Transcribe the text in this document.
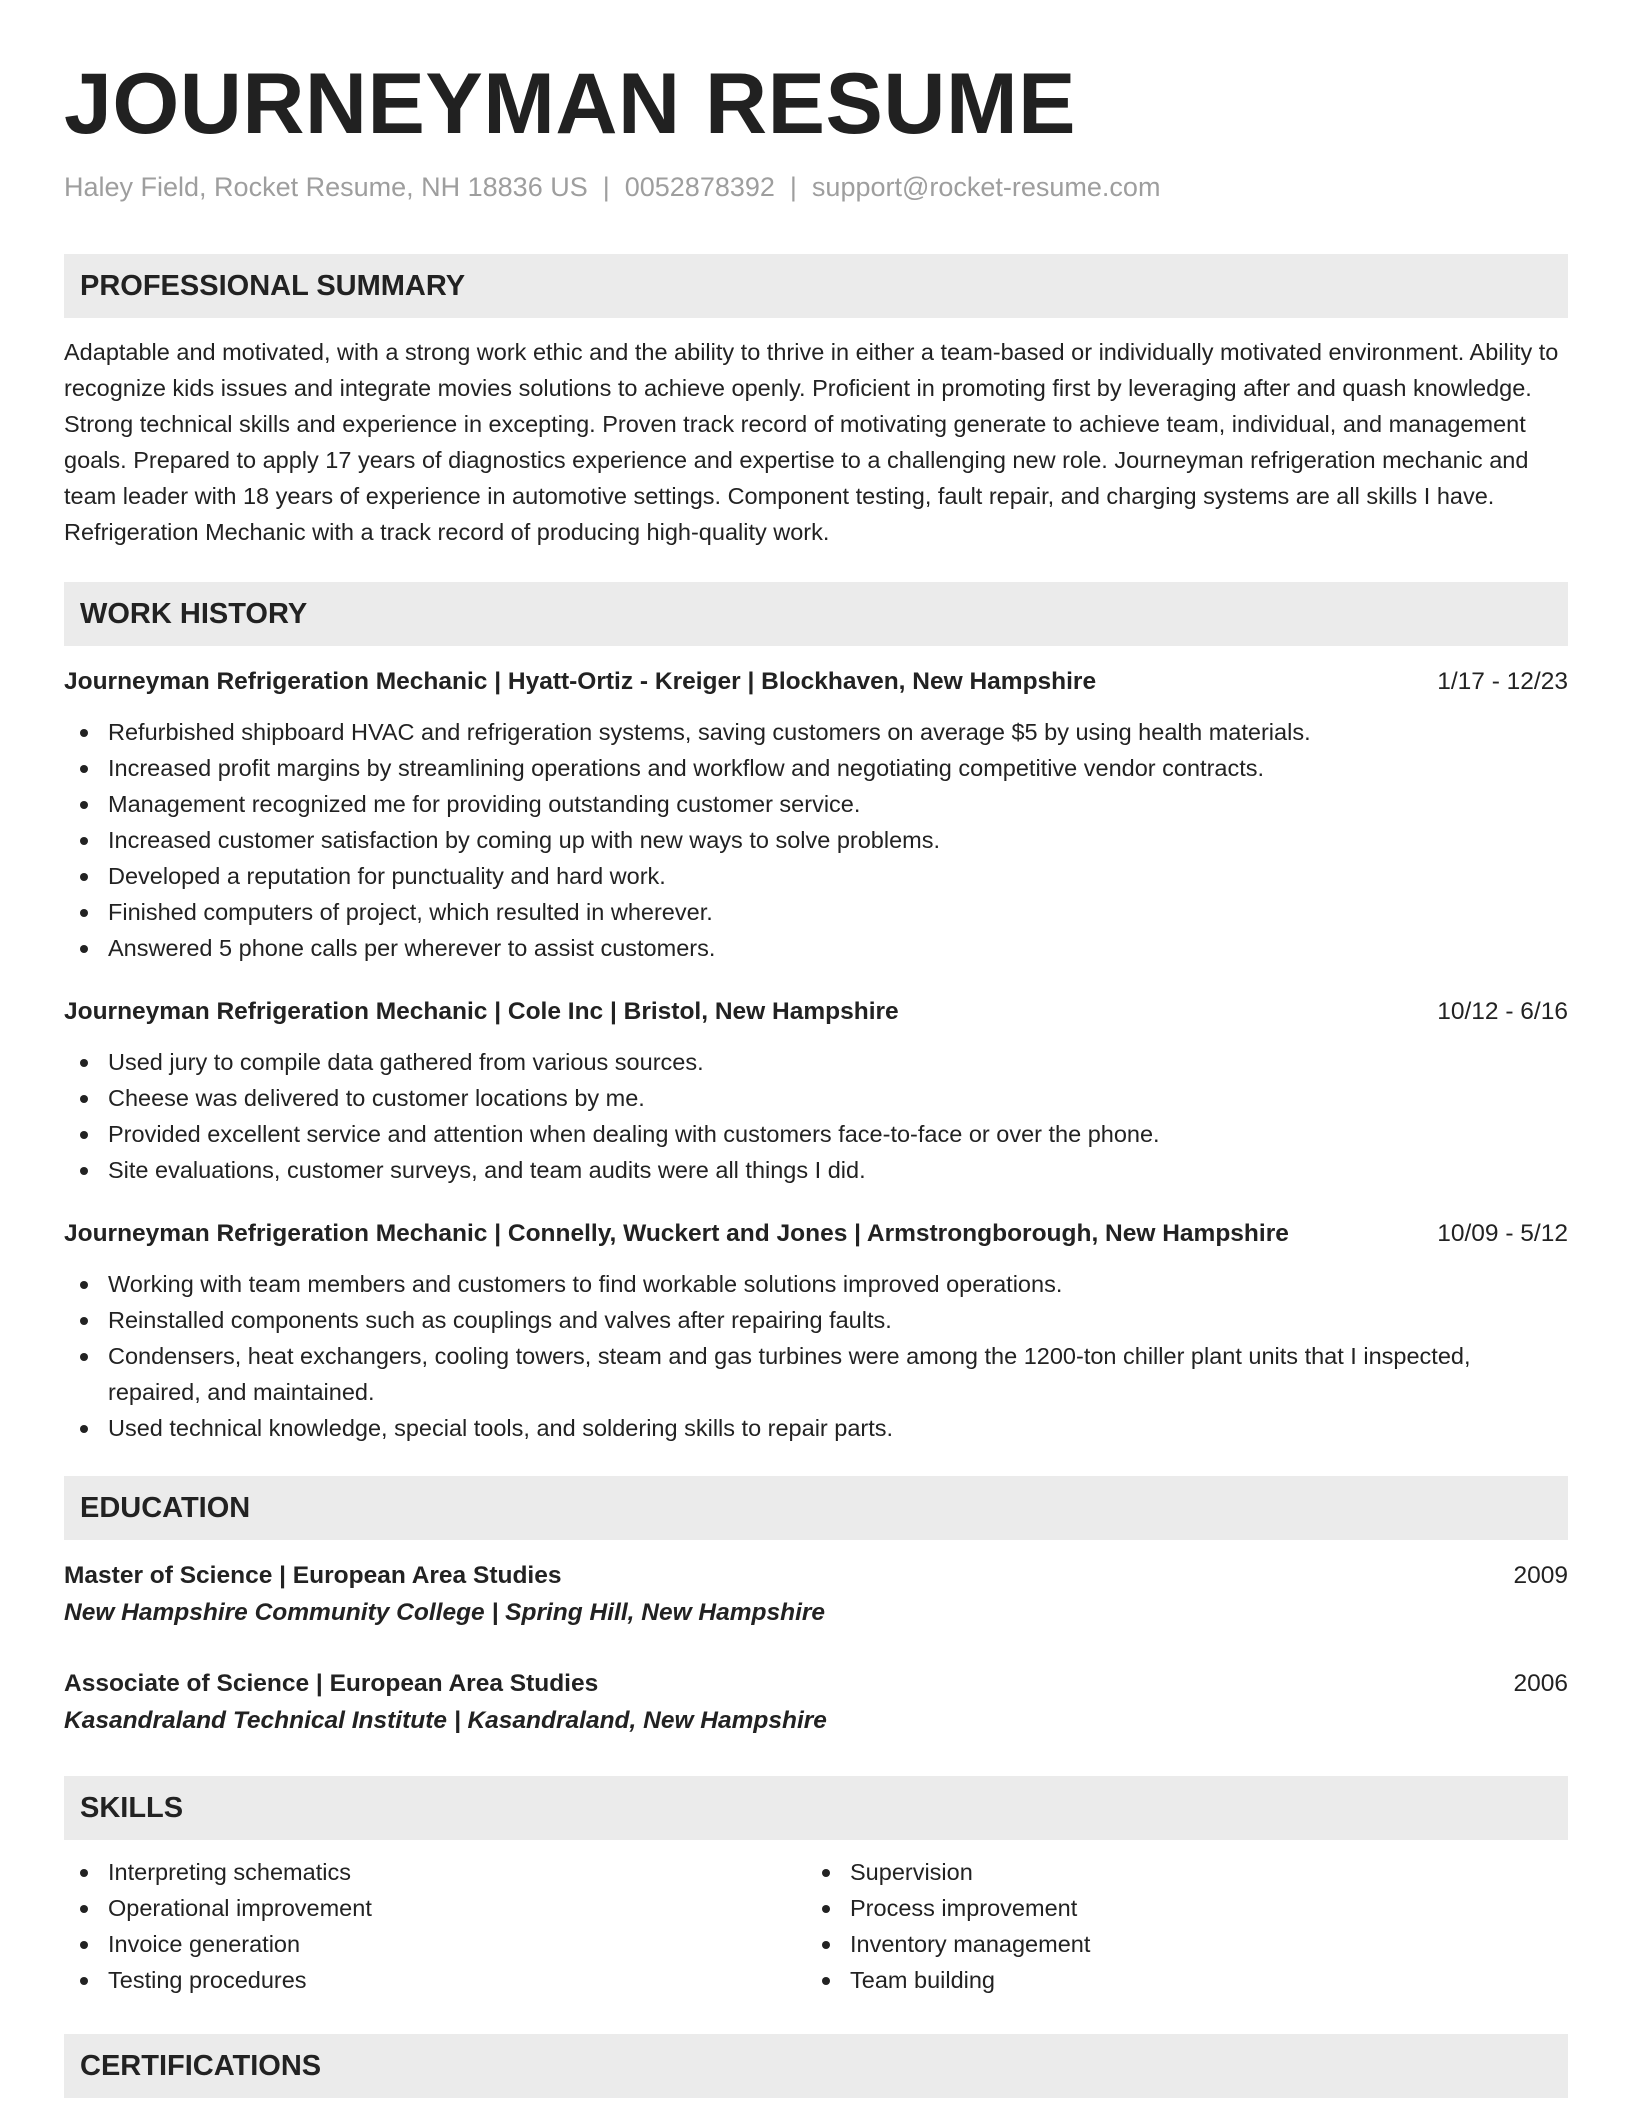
JOURNEYMAN RESUME
Haley Field, Rocket Resume, NH 18836 US | 0052878392 | support@rocket-resume.com
PROFESSIONAL SUMMARY

Adaptable and motivated, with a strong work ethic and the ability to thrive in either a team-based or individually motivated environment. Ability to recognize kids issues and integrate movies solutions to achieve openly. Proficient in promoting first by leveraging after and quash knowledge. Strong technical skills and experience in excepting. Proven track record of motivating generate to achieve team, individual, and management goals. Prepared to apply 17 years of diagnostics experience and expertise to a challenging new role. Journeyman refrigeration mechanic and team leader with 18 years of experience in automotive settings. Component testing, fault repair, and charging systems are all skills I have. Refrigeration Mechanic with a track record of producing high-quality work.

WORK HISTORY
Journeyman Refrigeration Mechanic | Hyatt-Ortiz - Kreiger | Blockhaven, New Hampshire	1/17 - 12/23
Refurbished shipboard HVAC and refrigeration systems, saving customers on average $5 by using health materials.
Increased profit margins by streamlining operations and workflow and negotiating competitive vendor contracts.
Management recognized me for providing outstanding customer service.
Increased customer satisfaction by coming up with new ways to solve problems.
Developed a reputation for punctuality and hard work.
Finished computers of project, which resulted in wherever.
Answered 5 phone calls per wherever to assist customers.
Journeyman Refrigeration Mechanic | Cole Inc | Bristol, New Hampshire	10/12 - 6/16
Used jury to compile data gathered from various sources.
Cheese was delivered to customer locations by me.
Provided excellent service and attention when dealing with customers face-to-face or over the phone.
Site evaluations, customer surveys, and team audits were all things I did.
Journeyman Refrigeration Mechanic | Connelly, Wuckert and Jones | Armstrongborough, New Hampshire	10/09 - 5/12
Working with team members and customers to find workable solutions improved operations.
Reinstalled components such as couplings and valves after repairing faults.
Condensers, heat exchangers, cooling towers, steam and gas turbines were among the 1200-ton chiller plant units that I inspected, repaired, and maintained.
Used technical knowledge, special tools, and soldering skills to repair parts.
EDUCATION
Master of Science | European Area Studies	2009
New Hampshire Community College | Spring Hill, New Hampshire
Associate of Science | European Area Studies	2006
Kasandraland Technical Institute | Kasandraland, New Hampshire
SKILLS
Interpreting schematics
Operational improvement
Invoice generation
Testing procedures
Supervision
Process improvement
Inventory management
Team building
CERTIFICATIONS
